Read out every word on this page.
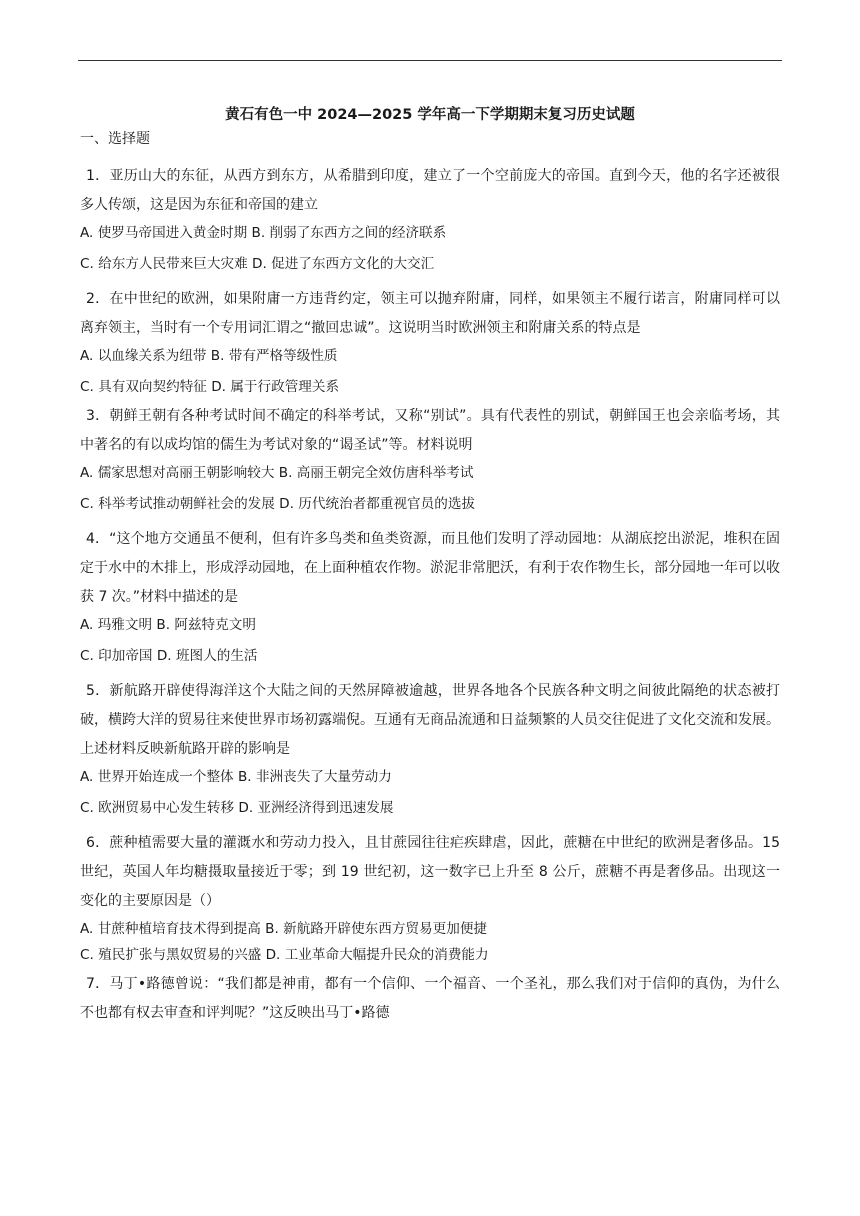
黄石有色一中 2024—2025 学年高一下学期期末复习历史试题
一、选择题
1．亚历山大的东征，从西方到东方，从希腊到印度，建立了一个空前庞大的帝国。直到今天，他的名字还被很多人传颂，这是因为东征和帝国的建立
A. 使罗马帝国进入黄金时期 B. 削弱了东西方之间的经济联系
C. 给东方人民带来巨大灾难 D. 促进了东西方文化的大交汇
2．在中世纪的欧洲，如果附庸一方违背约定，领主可以抛弃附庸，同样，如果领主不履行诺言，附庸同样可以离弃领主，当时有一个专用词汇谓之“撤回忠诚”。这说明当时欧洲领主和附庸关系的特点是
A. 以血缘关系为纽带 B. 带有严格等级性质
C. 具有双向契约特征 D. 属于行政管理关系
3．朝鲜王朝有各种考试时间不确定的科举考试，又称“别试”。具有代表性的别试，朝鲜国王也会亲临考场，其中著名的有以成均馆的儒生为考试对象的“谒圣试”等。材料说明
A. 儒家思想对高丽王朝影响较大 B. 高丽王朝完全效仿唐科举考试
C. 科举考试推动朝鲜社会的发展 D. 历代统治者都重视官员的选拔
4．“这个地方交通虽不便利，但有许多鸟类和鱼类资源，而且他们发明了浮动园地：从湖底挖出淤泥，堆积在固定于水中的木排上，形成浮动园地，在上面种植农作物。淤泥非常肥沃，有利于农作物生长，部分园地一年可以收获 7 次。”材料中描述的是
A. 玛雅文明 B. 阿兹特克文明
C. 印加帝国 D. 班图人的生活
5．新航路开辟使得海洋这个大陆之间的天然屏障被逾越，世界各地各个民族各种文明之间彼此隔绝的状态被打破，横跨大洋的贸易往来使世界市场初露端倪。互通有无商品流通和日益频繁的人员交往促进了文化交流和发展。上述材料反映新航路开辟的影响是
A. 世界开始连成一个整体 B. 非洲丧失了大量劳动力
C. 欧洲贸易中心发生转移 D. 亚洲经济得到迅速发展
6．蔗种植需要大量的灌溉水和劳动力投入，且甘蔗园往往疟疾肆虐，因此，蔗糖在中世纪的欧洲是奢侈品。15 世纪，英国人年均糖摄取量接近于零；到 19 世纪初，这一数字已上升至 8 公斤，蔗糖不再是奢侈品。出现这一变化的主要原因是（）
A. 甘蔗种植培育技术得到提高 B. 新航路开辟使东西方贸易更加便捷
C. 殖民扩张与黑奴贸易的兴盛 D. 工业革命大幅提升民众的消费能力
7．马丁•路德曾说：“我们都是神甫，都有一个信仰、一个福音、一个圣礼，那么我们对于信仰的真伪，为什么不也都有权去审查和评判呢？”这反映出马丁•路德
